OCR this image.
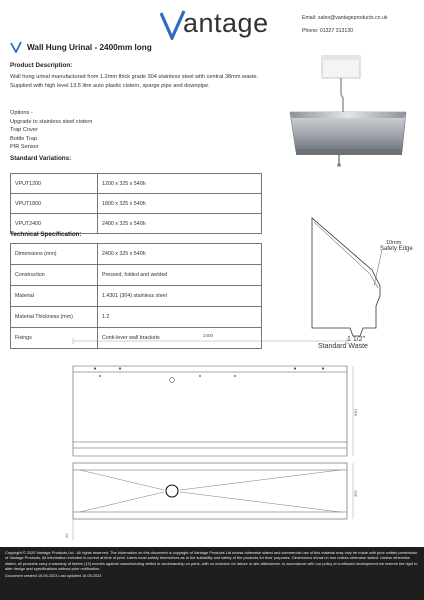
antage	Email: sales@vantageproducts.co.uk
Phone: 01327 313130
Wall Hung Urinal - 2400mm long
Product Description:
Wall hung urinal manufactured from 1.2mm thick grade 304 stainless steel with central 38mm waste. Supplied with high level 13.5 litre auto plastic cistern, sparge pipe and downpipe.
Options -
Upgrade to stainless steel cistern
Trap Cover
Bottle Trap
PIR Sensor
Standard Variations:
VPUT1200	1200 x 325 x 540h
VPUT1800	1800 x 325 x 540h
VPUT2400	2400 x 325 x 540h
Technical Specification:
Dimensions (mm)	2400 x 325 x 540h
Construction	Pressed, folded and welded
Material	1.4301 (304) stainless steel
Material Thickness (mm)	1.2
Fixings	Conti-lever wall brackets
10mm
Safety Edge
1 1/2"
Standard Waste
2400
540
325
20
Copyright © 2020 Vantage Products Ltd - All rights reserved. The information on this document is copyright of Vantage Products Ltd unless otherwise stated and commercial use of this material may only be made with prior written permission of Vantage Products. All information included is correct at time of print. Users must satisfy themselves as to the suitability and safety of the products for their purposes. Dimensions shown in mm unless otherwise stated. Unless otherwise stated, all products carry a warranty of twelve (12) months against manufacturing defect or workmanship on parts, with no inclusion for labour or site attendance. In accordance with our policy of continued development we reserve the right to alter design and specifications without prior notification.
Document created 15.05.2023 Last updated 15.05.2023
